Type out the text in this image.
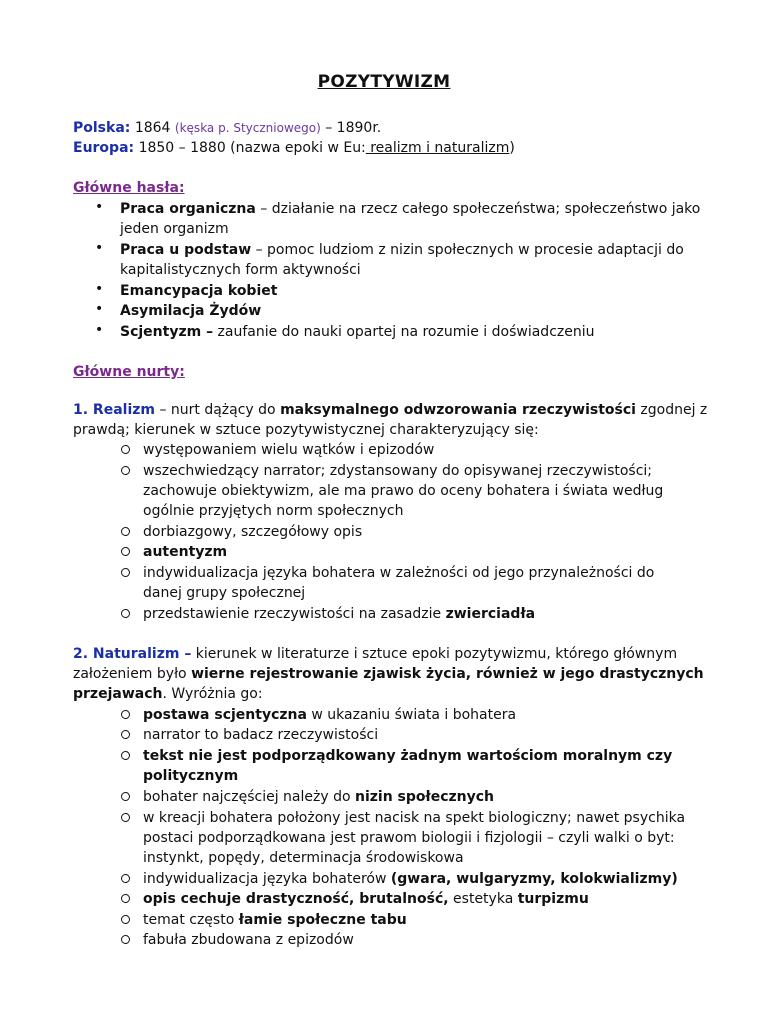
POZYTYWIZM
Polska: 1864 (kęska p. Styczniowego) – 1890r.
Europa: 1850 – 1880 (nazwa epoki w Eu: realizm i naturalizm)
Główne hasła:
• Praca organiczna – działanie na rzecz całego społeczeństwa; społeczeństwo jako
jeden organizm
• Praca u podstaw – pomoc ludziom z nizin społecznych w procesie adaptacji do
kapitalistycznych form aktywności
• Emancypacja kobiet
• Asymilacja Żydów
• Scjentyzm – zaufanie do nauki opartej na rozumie i doświadczeniu
Główne nurty:
1. Realizm – nurt dążący do maksymalnego odwzorowania rzeczywistości zgodnej z
prawdą; kierunek w sztuce pozytywistycznej charakteryzujący się:
występowaniem wielu wątków i epizodów
wszechwiedzący narrator; zdystansowany do opisywanej rzeczywistości;
zachowuje obiektywizm, ale ma prawo do oceny bohatera i świata według
ogólnie przyjętych norm społecznych
dorbiazgowy, szczegółowy opis
autentyzm
indywidualizacja języka bohatera w zależności od jego przynależności do
danej grupy społecznej
przedstawienie rzeczywistości na zasadzie zwierciadła
2. Naturalizm – kierunek w literaturze i sztuce epoki pozytywizmu, którego głównym
założeniem było wierne rejestrowanie zjawisk życia, również w jego drastycznych
przejawach. Wyróżnia go:
postawa scjentyczna w ukazaniu świata i bohatera
narrator to badacz rzeczywistości
tekst nie jest podporządkowany żadnym wartościom moralnym czy
politycznym
bohater najczęściej należy do nizin społecznych
w kreacji bohatera położony jest nacisk na spekt biologiczny; nawet psychika
postaci podporządkowana jest prawom biologii i fizjologii – czyli walki o byt:
instynkt, popędy, determinacja środowiskowa
indywidualizacja języka bohaterów (gwara, wulgaryzmy, kolokwializmy)
opis cechuje drastyczność, brutalność, estetyka turpizmu
temat często łamie społeczne tabu
fabuła zbudowana z epizodów
